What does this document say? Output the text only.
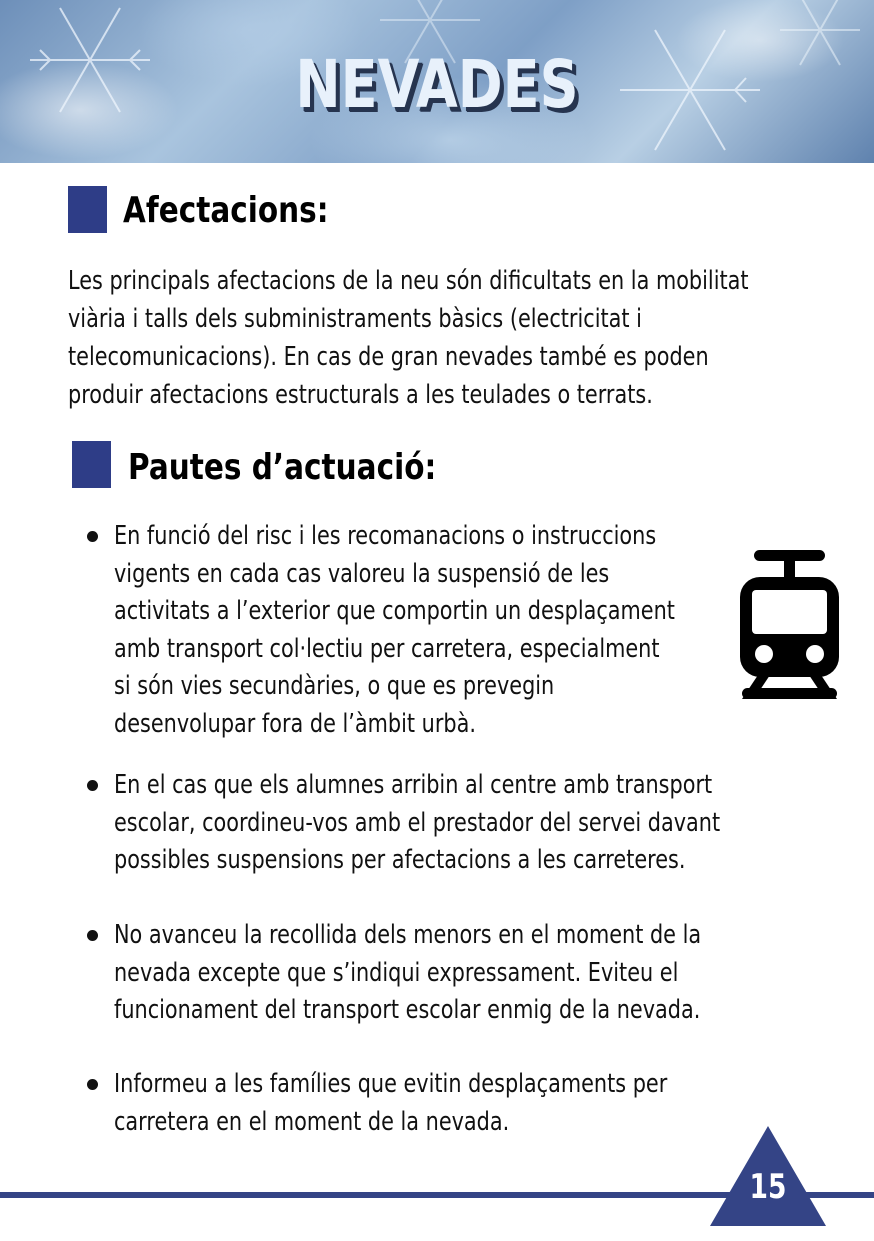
NEVADES
Afectacions:
Les principals afectacions de la neu són dificultats en la mobilitat
viària i talls dels subministraments bàsics (electricitat i
telecomunicacions). En cas de gran nevades també es poden
produir afectacions estructurals a les teulades o terrats.
Pautes d’actuació:
En funció del risc i les recomanacions o instruccions
vigents en cada cas valoreu la suspensió de les
activitats a l’exterior que comportin un desplaçament
amb transport col·lectiu per carretera, especialment
si són vies secundàries, o que es prevegin
desenvolupar fora de l’àmbit urbà.
En el cas que els alumnes arribin al centre amb transport
escolar, coordineu-vos amb el prestador del servei davant
possibles suspensions per afectacions a les carreteres.
No avanceu la recollida dels menors en el moment de la
nevada excepte que s’indiqui expressament. Eviteu el
funcionament del transport escolar enmig de la nevada.
Informeu a les famílies que evitin desplaçaments per
carretera en el moment de la nevada.
15
